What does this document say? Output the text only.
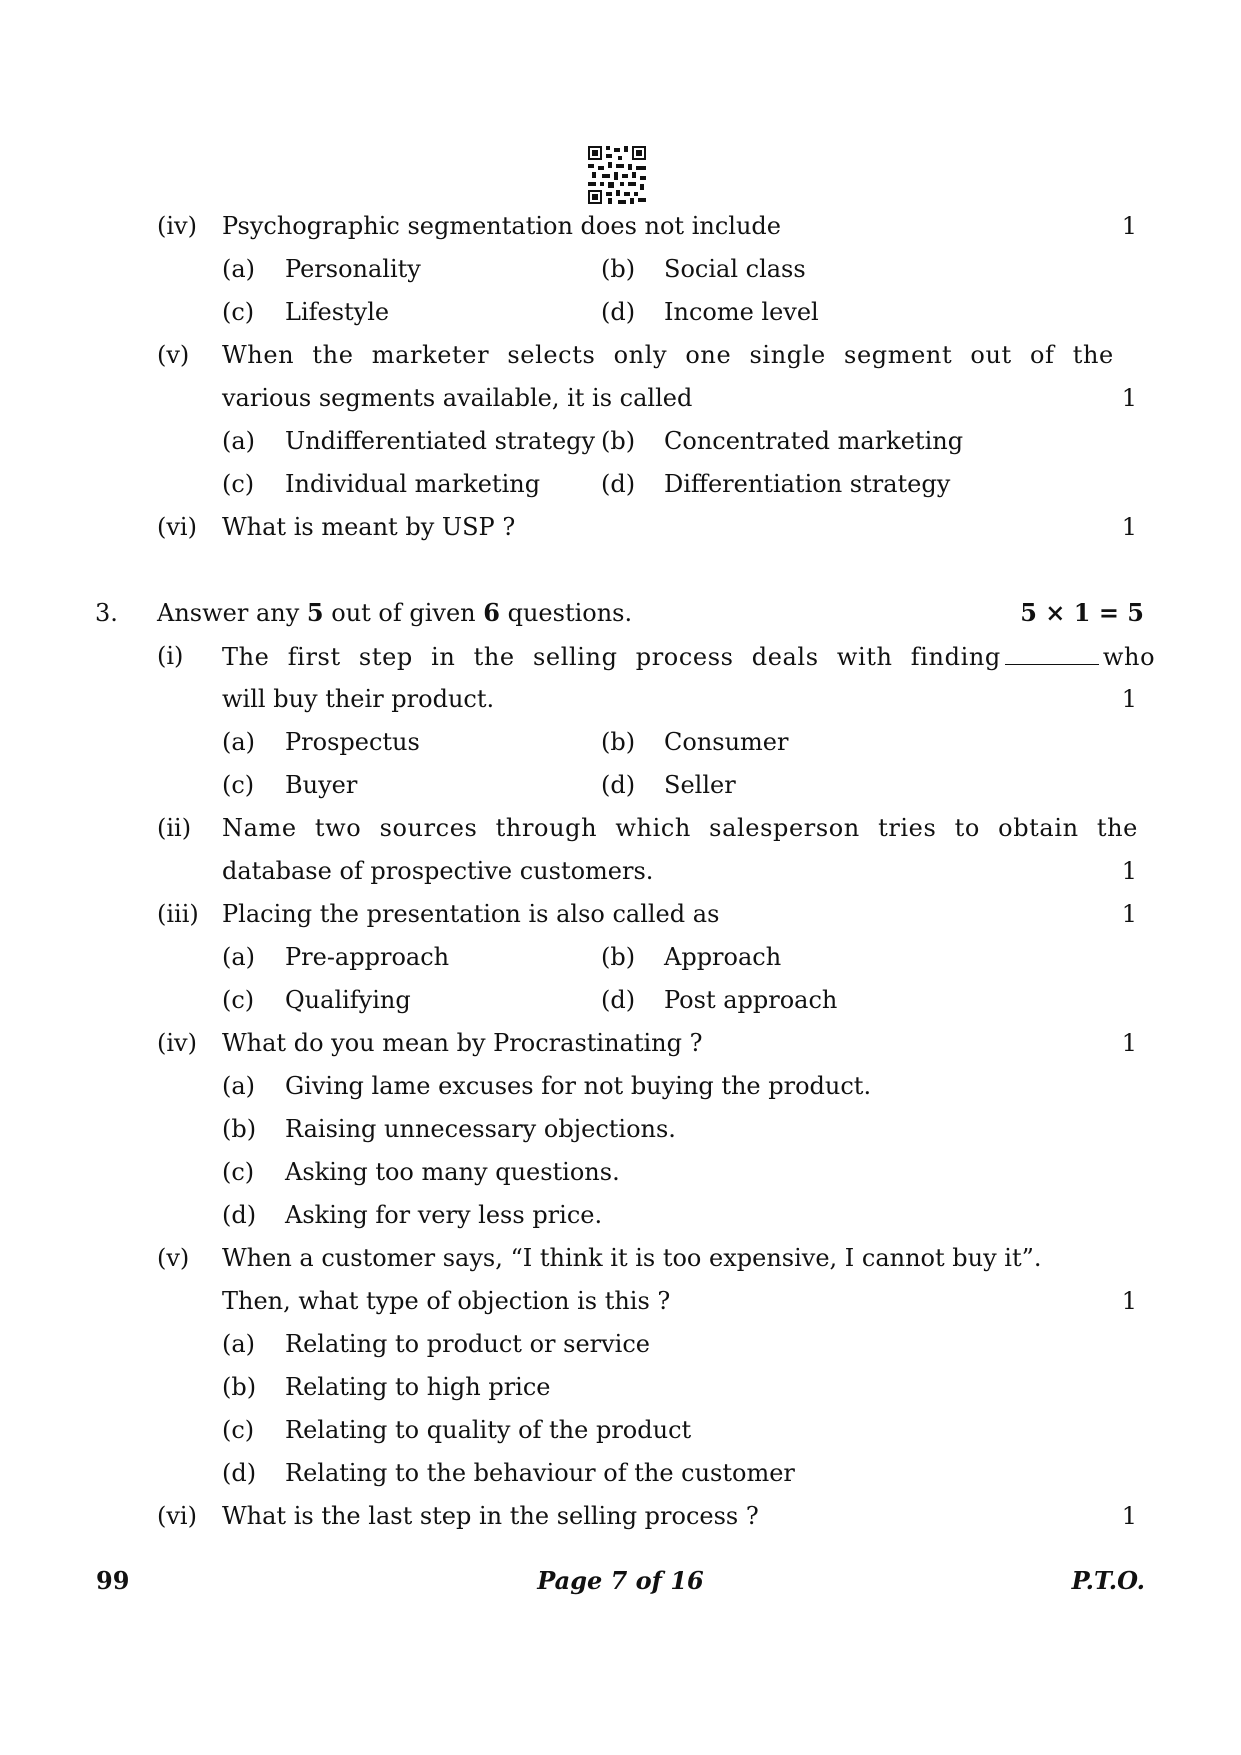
(iv) Psychographic segmentation does not include	1
(a) Personality	(b) Social class
(c) Lifestyle	(d) Income level
(v) When the marketer selects only one single segment out of the
various segments available, it is called	1
(a) Undifferentiated strategy (b) Concentrated marketing
(c) Individual marketing	(d) Differentiation strategy
(vi) What is meant by USP ?	1
3. Answer any 5 out of given 6 questions.	5 × 1 = 5
(i) The first step in the selling process deals with finding	who
will buy their product.	1
(a) Prospectus	(b) Consumer
(c) Buyer	(d) Seller
(ii) Name two sources through which salesperson tries to obtain the
database of prospective customers.	1
(iii) Placing the presentation is also called as	1
(a) Pre-approach	(b) Approach
(c) Qualifying	(d) Post approach
(iv) What do you mean by Procrastinating ?	1
(a) Giving lame excuses for not buying the product.
(b) Raising unnecessary objections.
(c) Asking too many questions.
(d) Asking for very less price.
(v) When a customer says, “I think it is too expensive, I cannot buy it”.
Then, what type of objection is this ?	1
(a) Relating to product or service
(b) Relating to high price
(c) Relating to quality of the product
(d) Relating to the behaviour of the customer
(vi) What is the last step in the selling process ?	1
99	Page 7 of 16	P.T.O.
